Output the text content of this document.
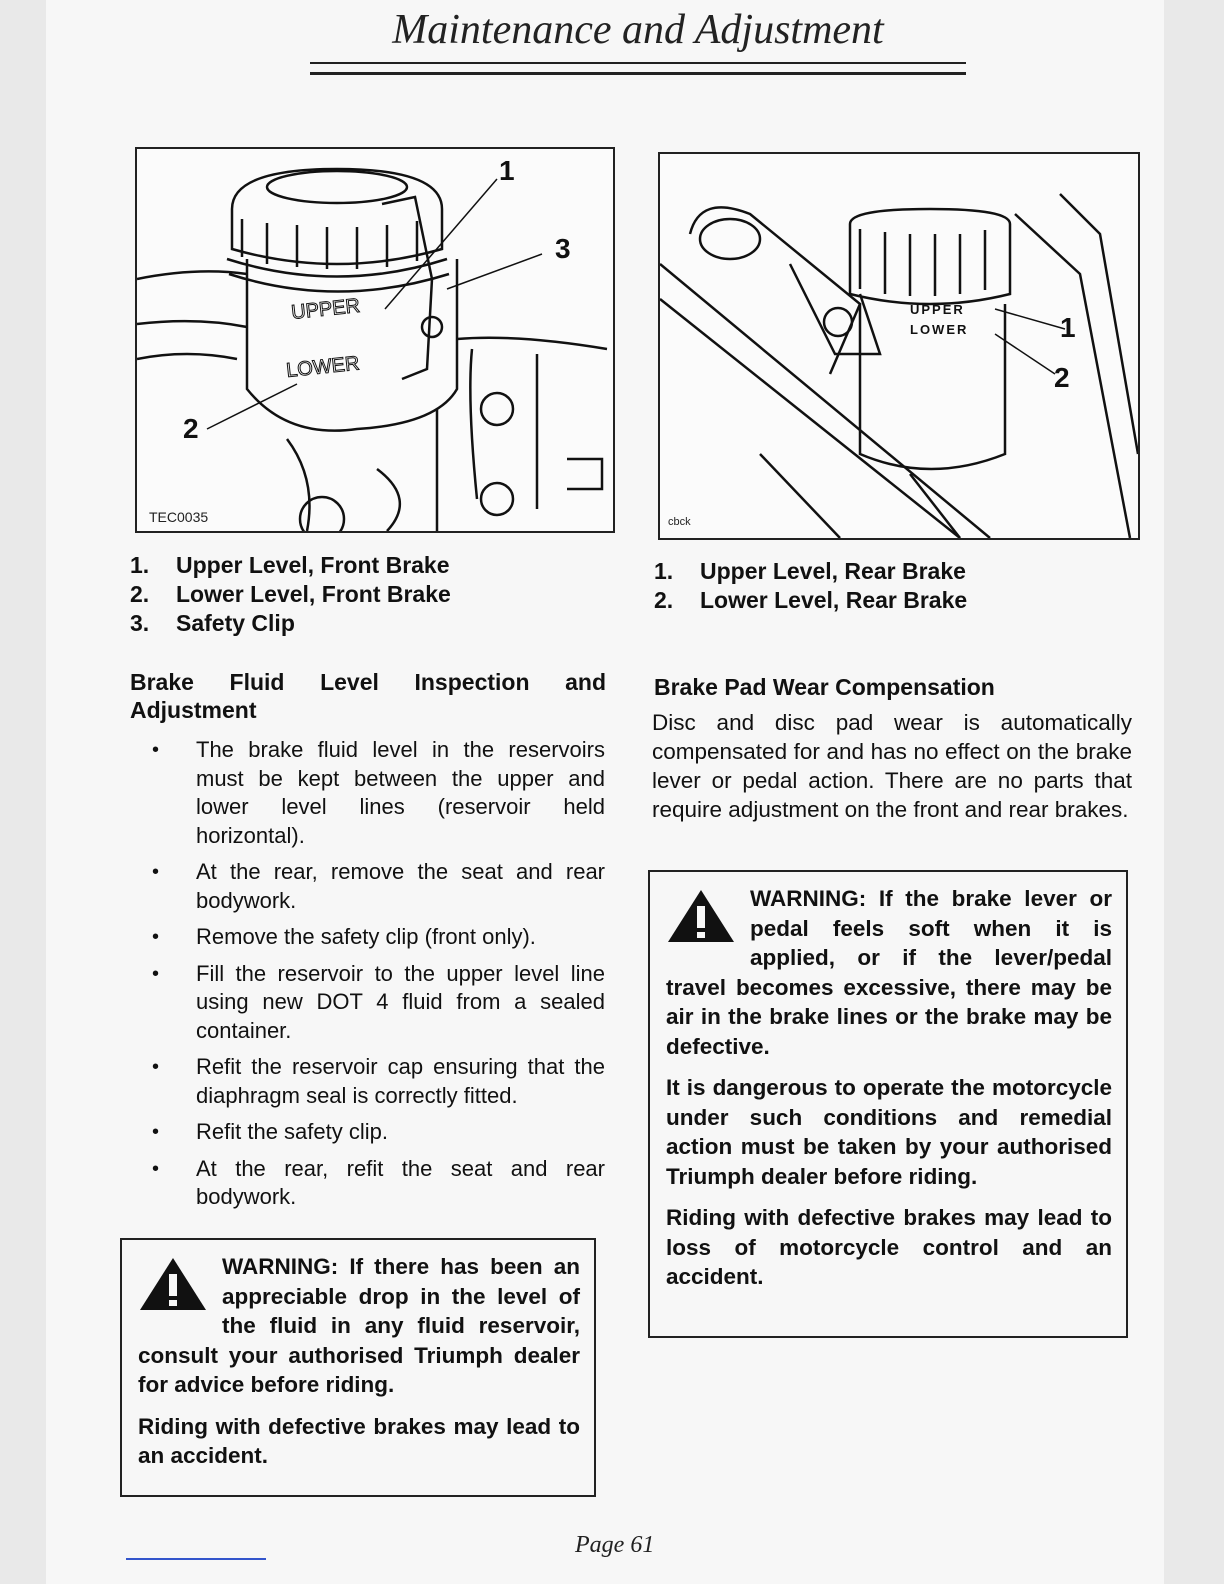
Maintenance and Adjustment
UPPER
LOWER
1
2
3
TEC0035
UPPER
LOWER	1
2
cbck
1. Upper Level, Front Brake
2. Lower Level, Front Brake
3. Safety Clip
1. Upper Level, Rear Brake
2. Lower Level, Rear Brake
Brake Fluid Level Inspection and Adjustment
• The brake fluid level in the reservoirs must be kept between the upper and lower level lines (reservoir held horizontal).
• At the rear, remove the seat and rear bodywork.
• Remove the safety clip (front only).
• Fill the reservoir to the upper level line using new DOT 4 fluid from a sealed container.
• Refit the reservoir cap ensuring that the diaphragm seal is correctly fitted.
• Refit the safety clip.
• At the rear, refit the seat and rear bodywork.

WARNING: If there has been an appreciable drop in the level of the fluid in any fluid reservoir, consult your authorised Triumph dealer for advice before riding.

Riding with defective brakes may lead to an accident.

Brake Pad Wear Compensation

Disc and disc pad wear is automatically compensated for and has no effect on the brake lever or pedal action. There are no parts that require adjustment on the front and rear brakes.

WARNING: If the brake lever or pedal feels soft when it is applied, or if the lever/pedal travel becomes excessive, there may be air in the brake lines or the brake may be defective.

It is dangerous to operate the motorcycle under such conditions and remedial action must be taken by your authorised Triumph dealer before riding.

Riding with defective brakes may lead to loss of motorcycle control and an accident.

Page 61
